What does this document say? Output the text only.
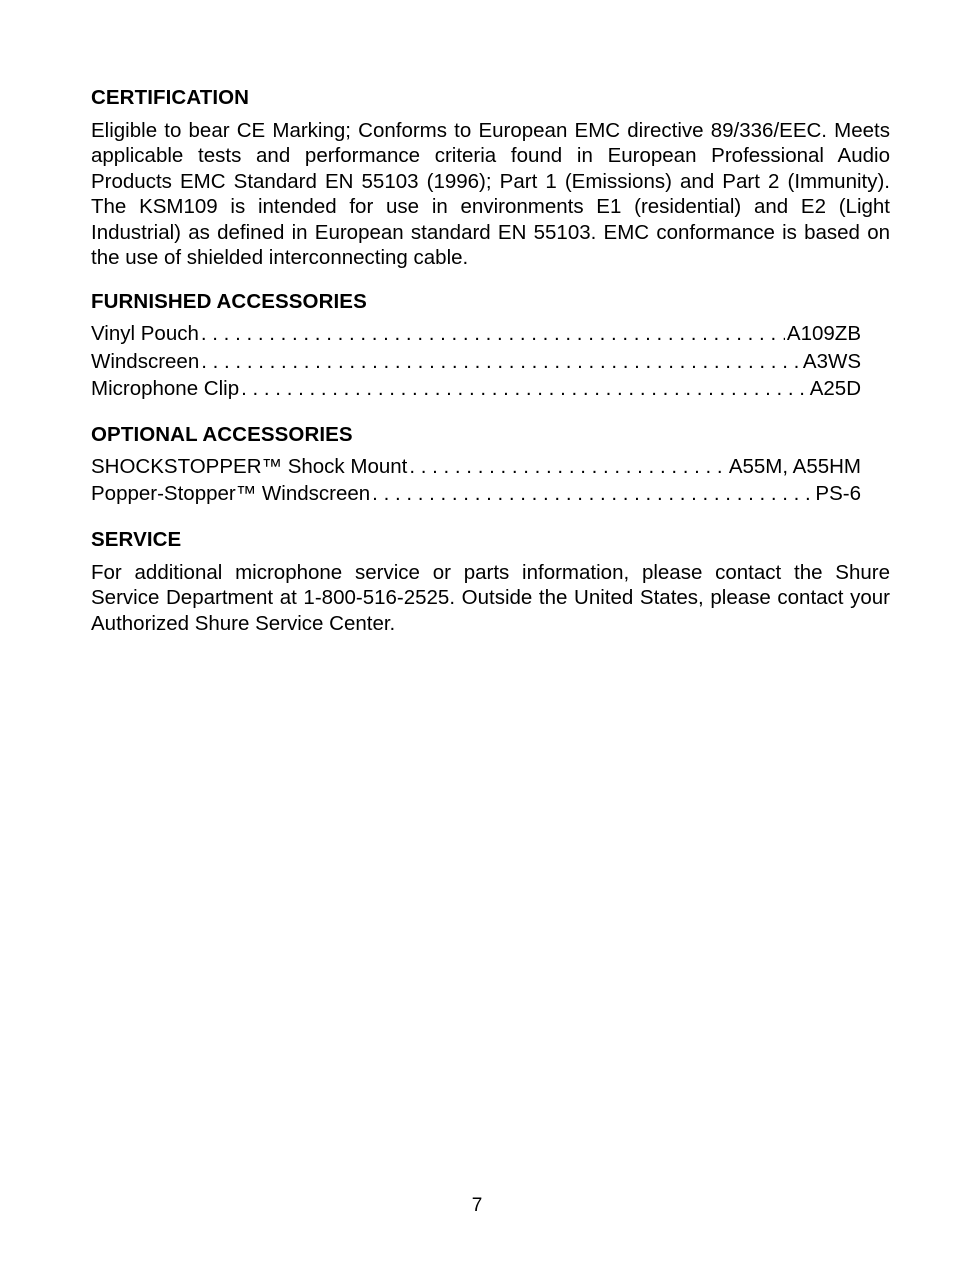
CERTIFICATION

Eligible to bear CE Marking; Conforms to European EMC directive 89/336/EEC. Meets applicable tests and performance criteria found in European Professional Audio Products EMC Standard EN 55103 (1996); Part 1 (Emissions) and Part 2 (Immunity). The KSM109 is intended for use in environments E1 (residential) and E2 (Light Industrial) as defined in European standard EN 55103. EMC conformance is based on the use of shielded interconnecting cable.

FURNISHED ACCESSORIES
Vinyl Pouch . . .	A109ZB
Windscreen . . .	A3WS
Microphone Clip . . .	A25D
OPTIONAL ACCESSORIES
SHOCKSTOPPER™ Shock Mount . . .	A55M, A55HM
Popper-Stopper™ Windscreen . . .	PS-6
SERVICE

For additional microphone service or parts information, please contact the Shure Service Department at 1-800-516-2525. Outside the United States, please contact your Authorized Shure Service Center.

7
